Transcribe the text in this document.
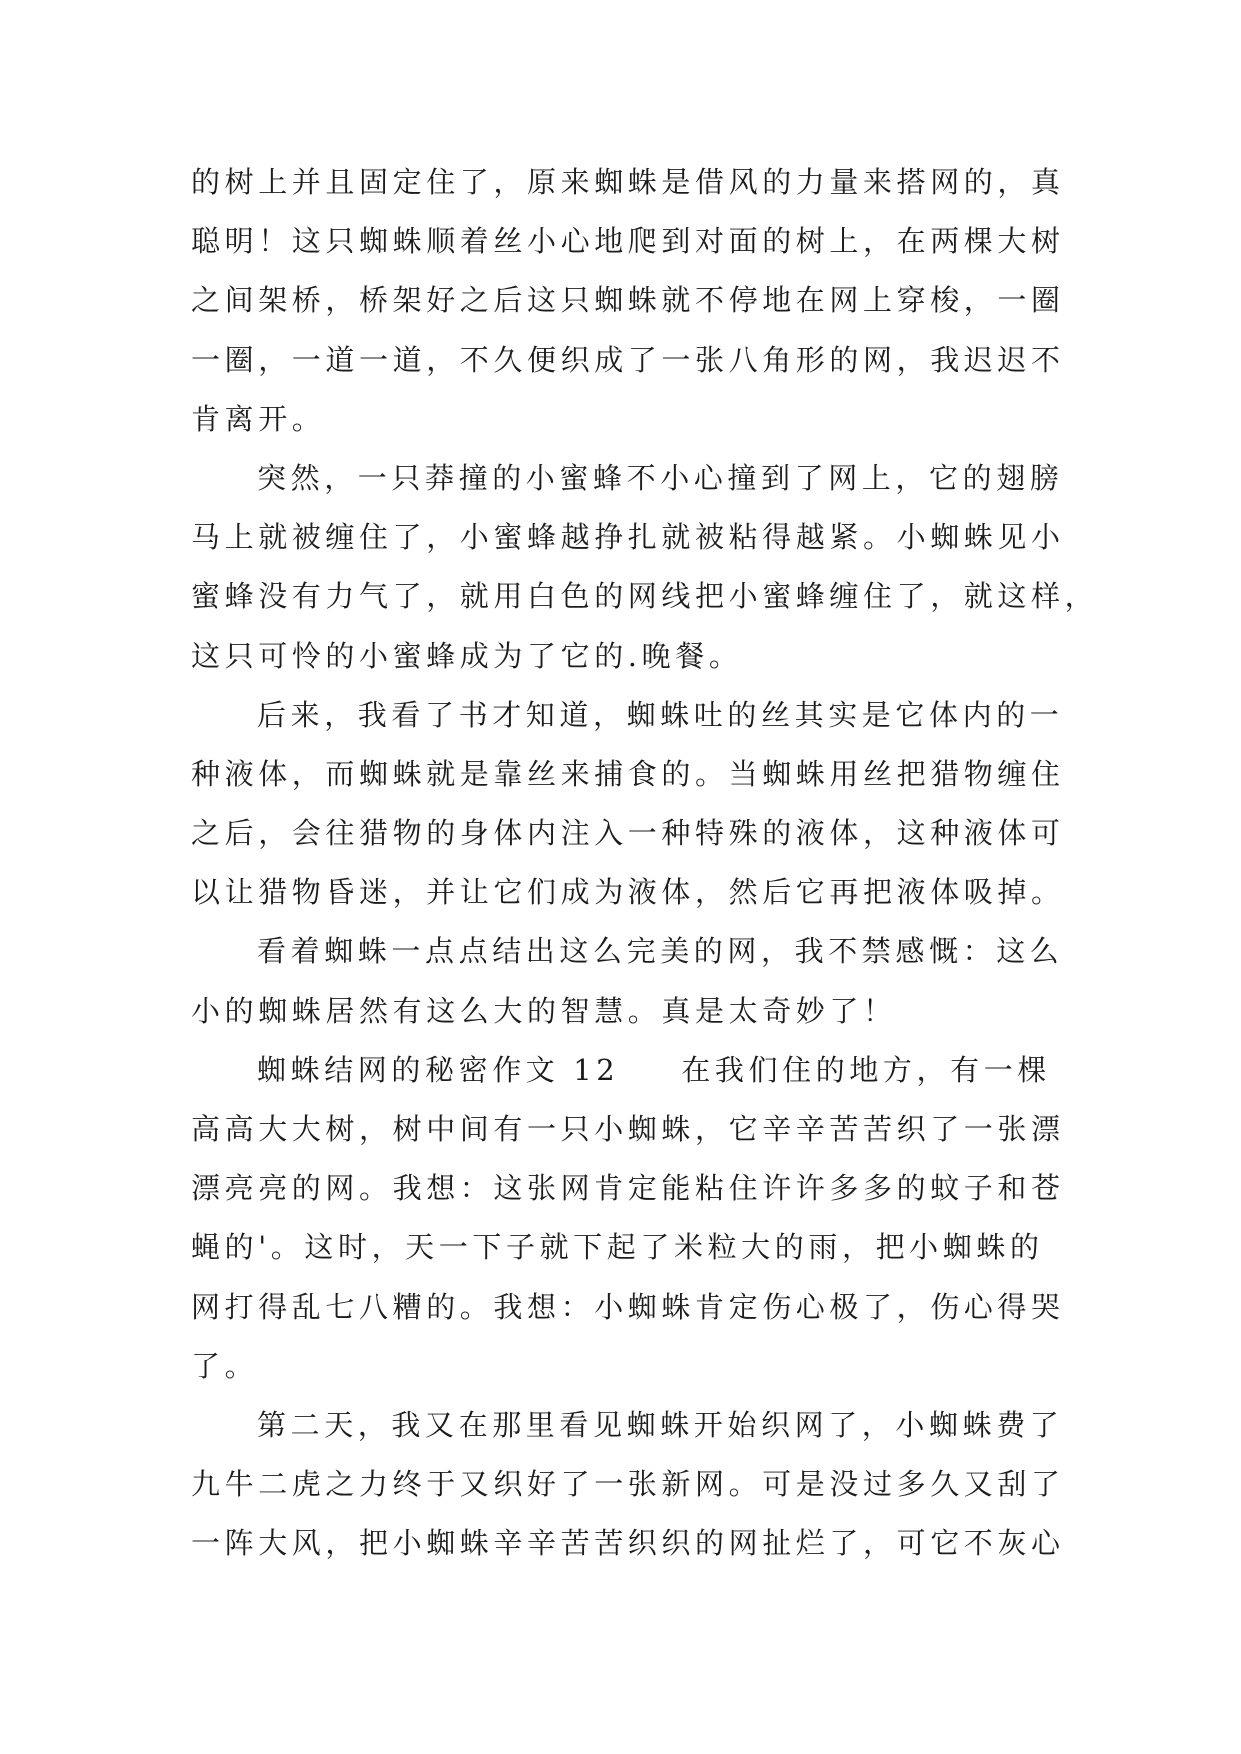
的树上并且固定住了，原来蜘蛛是借风的力量来搭网的，真
聪明！这只蜘蛛顺着丝小心地爬到对面的树上，在两棵大树
之间架桥，桥架好之后这只蜘蛛就不停地在网上穿梭，一圈
一圈，一道一道，不久便织成了一张八角形的网，我迟迟不
肯离开。
突然，一只莽撞的小蜜蜂不小心撞到了网上，它的翅膀
马上就被缠住了，小蜜蜂越挣扎就被粘得越紧。小蜘蛛见小
蜜蜂没有力气了，就用白色的网线把小蜜蜂缠住了，就这样，
这只可怜的小蜜蜂成为了它的.晚餐。
后来，我看了书才知道，蜘蛛吐的丝其实是它体内的一
种液体，而蜘蛛就是靠丝来捕食的。当蜘蛛用丝把猎物缠住
之后，会往猎物的身体内注入一种特殊的液体，这种液体可
以让猎物昏迷，并让它们成为液体，然后它再把液体吸掉。
看着蜘蛛一点点结出这么完美的网，我不禁感慨：这么
小的蜘蛛居然有这么大的智慧。真是太奇妙了！
蜘蛛结网的秘密作文 12 在我们住的地方，有一棵
高高大大树，树中间有一只小蜘蛛，它辛辛苦苦织了一张漂
漂亮亮的网。我想：这张网肯定能粘住许许多多的蚊子和苍
蝇的'。这时，天一下子就下起了米粒大的雨，把小蜘蛛的
网打得乱七八糟的。我想：小蜘蛛肯定伤心极了，伤心得哭
了。
第二天，我又在那里看见蜘蛛开始织网了，小蜘蛛费了
九牛二虎之力终于又织好了一张新网。可是没过多久又刮了
一阵大风，把小蜘蛛辛辛苦苦织织的网扯烂了，可它不灰心
